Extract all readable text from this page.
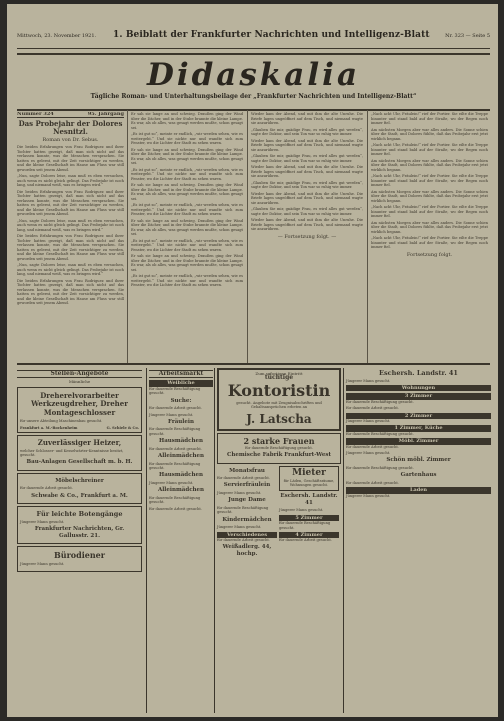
Mittwoch, 23. November 1921. 1. Beiblatt der Frankfurter Nachrichten und Intelligenz-Blatt	Nr. 323 — Seite 5
Didaskalia
Tägliche Roman- und Unterhaltungsbeilage der „Frankfurter Nachrichten und Intelligenz-Blatt“
Nummer 324	95. Jahrgang
Das Probejahr der Dolores Nesnitzl.
Roman von Dr. Sebus.

Die beiden Erfahrungen von Frau Rodriguez und ihrer Tochter hatten gezeigt, daß man sich nicht auf das verlassen konnte, was die Menschen versprachen. Sie hatten es gelernt, mit der Zeit vorsichtiger zu werden, und die kleine Gesellschaft im Hause am Fluss war still geworden seit jenem Abend.

„Nun, sagte Dolores leise, man muß es eben versuchen, auch wenn es nicht gleich gelingt. Das Probejahr ist noch lang, und niemand weiß, was es bringen wird.“

Die beiden Erfahrungen von Frau Rodriguez und ihrer Tochter hatten gezeigt, daß man sich nicht auf das verlassen konnte, was die Menschen versprachen. Sie hatten es gelernt, mit der Zeit vorsichtiger zu werden, und die kleine Gesellschaft im Hause am Fluss war still geworden seit jenem Abend.

„Nun, sagte Dolores leise, man muß es eben versuchen, auch wenn es nicht gleich gelingt. Das Probejahr ist noch lang, und niemand weiß, was es bringen wird.“

Die beiden Erfahrungen von Frau Rodriguez und ihrer Tochter hatten gezeigt, daß man sich nicht auf das verlassen konnte, was die Menschen versprachen. Sie hatten es gelernt, mit der Zeit vorsichtiger zu werden, und die kleine Gesellschaft im Hause am Fluss war still geworden seit jenem Abend.

„Nun, sagte Dolores leise, man muß es eben versuchen, auch wenn es nicht gleich gelingt. Das Probejahr ist noch lang, und niemand weiß, was es bringen wird.“

Die beiden Erfahrungen von Frau Rodriguez und ihrer Tochter hatten gezeigt, daß man sich nicht auf das verlassen konnte, was die Menschen versprachen. Sie hatten es gelernt, mit der Zeit vorsichtiger zu werden, und die kleine Gesellschaft im Hause am Fluss war still geworden seit jenem Abend.

Er sah sie lange an und schwieg. Draußen ging der Wind über die Dächer, und in der Stube brannte die kleine Lampe. Es war, als ob alles, was gesagt werden mußte, schon gesagt sei.

„Es ist gut so“, meinte er endlich, „wir werden sehen, wie es weitergeht.“ Und sie nickte nur und wandte sich zum Fenster, wo die Lichter der Stadt zu sehen waren.

Er sah sie lange an und schwieg. Draußen ging der Wind über die Dächer, und in der Stube brannte die kleine Lampe. Es war, als ob alles, was gesagt werden mußte, schon gesagt sei.

„Es ist gut so“, meinte er endlich, „wir werden sehen, wie es weitergeht.“ Und sie nickte nur und wandte sich zum Fenster, wo die Lichter der Stadt zu sehen waren.

Er sah sie lange an und schwieg. Draußen ging der Wind über die Dächer, und in der Stube brannte die kleine Lampe. Es war, als ob alles, was gesagt werden mußte, schon gesagt sei.

„Es ist gut so“, meinte er endlich, „wir werden sehen, wie es weitergeht.“ Und sie nickte nur und wandte sich zum Fenster, wo die Lichter der Stadt zu sehen waren.

Er sah sie lange an und schwieg. Draußen ging der Wind über die Dächer, und in der Stube brannte die kleine Lampe. Es war, als ob alles, was gesagt werden mußte, schon gesagt sei.

„Es ist gut so“, meinte er endlich, „wir werden sehen, wie es weitergeht.“ Und sie nickte nur und wandte sich zum Fenster, wo die Lichter der Stadt zu sehen waren.

Er sah sie lange an und schwieg. Draußen ging der Wind über die Dächer, und in der Stube brannte die kleine Lampe. Es war, als ob alles, was gesagt werden mußte, schon gesagt sei.

„Es ist gut so“, meinte er endlich, „wir werden sehen, wie es weitergeht.“ Und sie nickte nur und wandte sich zum Fenster, wo die Lichter der Stadt zu sehen waren.

Wieder kam der Abend, und mit ihm die alte Unruhe. Die Briefe lagen ungeöffnet auf dem Tisch, und niemand wagte sie anzurühren.

„Glauben Sie mir, gnädige Frau, es wird alles gut werden“, sagte der Doktor, und sein Ton war so ruhig wie immer.

Wieder kam der Abend, und mit ihm die alte Unruhe. Die Briefe lagen ungeöffnet auf dem Tisch, und niemand wagte sie anzurühren.

„Glauben Sie mir, gnädige Frau, es wird alles gut werden“, sagte der Doktor, und sein Ton war so ruhig wie immer.

Wieder kam der Abend, und mit ihm die alte Unruhe. Die Briefe lagen ungeöffnet auf dem Tisch, und niemand wagte sie anzurühren.

„Glauben Sie mir, gnädige Frau, es wird alles gut werden“, sagte der Doktor, und sein Ton war so ruhig wie immer.

Wieder kam der Abend, und mit ihm die alte Unruhe. Die Briefe lagen ungeöffnet auf dem Tisch, und niemand wagte sie anzurühren.

„Glauben Sie mir, gnädige Frau, es wird alles gut werden“, sagte der Doktor, und sein Ton war so ruhig wie immer.

Wieder kam der Abend, und mit ihm die alte Unruhe. Die Briefe lagen ungeöffnet auf dem Tisch, und niemand wagte sie anzurühren.

— Fortsetzung folgt. —

„Nach acht Uhr, Fräulein!“ rief der Portier. Sie eilte die Treppe hinunter und stand bald auf der Straße, wo der Regen noch immer fiel.

Am nächsten Morgen aber war alles anders. Die Sonne schien über die Stadt, und Dolores fühlte, daß das Probejahr erst jetzt wirklich begann.

„Nach acht Uhr, Fräulein!“ rief der Portier. Sie eilte die Treppe hinunter und stand bald auf der Straße, wo der Regen noch immer fiel.

Am nächsten Morgen aber war alles anders. Die Sonne schien über die Stadt, und Dolores fühlte, daß das Probejahr erst jetzt wirklich begann.

„Nach acht Uhr, Fräulein!“ rief der Portier. Sie eilte die Treppe hinunter und stand bald auf der Straße, wo der Regen noch immer fiel.

Am nächsten Morgen aber war alles anders. Die Sonne schien über die Stadt, und Dolores fühlte, daß das Probejahr erst jetzt wirklich begann.

„Nach acht Uhr, Fräulein!“ rief der Portier. Sie eilte die Treppe hinunter und stand bald auf der Straße, wo der Regen noch immer fiel.

Am nächsten Morgen aber war alles anders. Die Sonne schien über die Stadt, und Dolores fühlte, daß das Probejahr erst jetzt wirklich begann.

„Nach acht Uhr, Fräulein!“ rief der Portier. Sie eilte die Treppe hinunter und stand bald auf der Straße, wo der Regen noch immer fiel.

Fortsetzung folgt.
Stellen-Angebote
Männliche
Dreherelvorarbeiter Werkzeugdreher, Dreher Montageschlosser

für unsere Abteilung Maschinenbau gesucht.

Frankfurt a. M.-Bockenheim	G. Schiele & Co.
Zuverlässiger Heizer,

welcher Schlosser- und Kesselwärter-Kenntnisse besitzt, gesucht.

Bau-Anlagen Gesellschaft m. b. H.
Möbelschreiner

für dauernde Arbeit gesucht.

Schwabe & Co., Frankfurt a. M.
Für leichte Botengänge

Jüngerer Mann gesucht.

Frankfurter Nachrichten, Gr. Gallusstr. 21.
Bürodiener

Jüngerer Mann gesucht.

Arbeitsmarkt
Weibliche

für dauernde Beschäftigung gesucht.

Suche:

für dauernde Arbeit gesucht.

Jüngerer Mann gesucht.

Fräulein

für dauernde Beschäftigung gesucht.

Hausmädchen

für dauernde Arbeit gesucht.

Alleinmädchen

für dauernde Beschäftigung gesucht.

Hausmädchen

Jüngerer Mann gesucht.

Alleinmädchen

für dauernde Beschäftigung gesucht.

für dauernde Arbeit gesucht.

Zum sofortigen Eintritt
tüchtige
Kontoristin

gesucht. Angebote mit Zeugnisabschriften und Gehaltsansprüchen erbeten an

J. Latscha
2 starke Frauen

für dauernde Beschäftigung gesucht.

Chemische Fabrik Frankfurt-West
Monatsfrau

für dauernde Arbeit gesucht.

Servierfräulein

Jüngerer Mann gesucht.

Junge Dame

für dauernde Beschäftigung gesucht.

Kindermädchen

Jüngerer Mann gesucht.

Verschiedenes

für dauernde Arbeit gesucht.

Weißadlerg. 44, hochp.
Mieter

für Läden, Geschäftsräume, Wohnungen gesucht.

Eschersh. Landstr. 41

Jüngerer Mann gesucht.

5 Zimmer

für dauernde Beschäftigung gesucht.

4 Zimmer

für dauernde Arbeit gesucht.

Eschersh. Landstr. 41

Jüngerer Mann gesucht.

Wohnungen
3 Zimmer

für dauernde Beschäftigung gesucht.

für dauernde Arbeit gesucht.

2 Zimmer

Jüngerer Mann gesucht.

1 Zimmer, Küche

für dauernde Beschäftigung gesucht.

Möbl. Zimmer

für dauernde Arbeit gesucht.

Jüngerer Mann gesucht.

Schön möbl. Zimmer

für dauernde Beschäftigung gesucht.

Gartenhaus

für dauernde Arbeit gesucht.

Laden

Jüngerer Mann gesucht.
